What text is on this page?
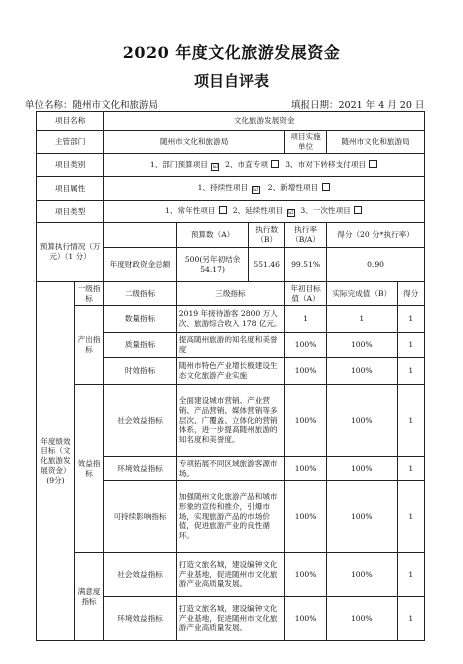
2020 年度文化旅游发展资金
项目自评表
单位名称：随州市文化和旅游局	填报日期：2021 年 4 月 20 日
项目名称		文化旅游发展资金					
主管部门		随州市文化和旅游局			项目实施单位	随州市文化和旅游局	
项目类别		1、部门预算项目 ☑ 2、市直专项 3、市对下转移支付项目					
项目属性		1、持续性项目 ☑ 2、新增性项目					
项目类型		1、常年性项目 2、延续性项目 ☑ 3、一次性项目					
预算执行情况（万元）（1 分）			预算数（A）	执行数（B）	执行率（B/A）	得分（20 分*执行率）	
		年度财政资金总额	500(另年初结余 54.17)	551.46	99.51%	0.90	
年度绩效目标（文化旅游发展资金）(9分)	一级指标	二级指标	三级指标		年初目标值（A）	实际完成值（B）	得分
	产出指标	数量指标	2019 年接待游客 2800 万人次、旅游综合收入 178 亿元。		1	1	1
		质量指标	提高随州旅游的知名度和美誉度		100%	100%	1
		时效指标	随州市特色产业增长极建设生态文化旅游产业实施		100%	100%	1
	效益指标	社会效益指标	全面建设城市营销、产业营销、产品营销、媒体营销等多层次、广覆盖、立体化的营销体系，进一步提高随州旅游的知名度和美誉度。		100%	100%	1
		环境效益指标	专项拓展不同区域旅游客源市场。		100%	100%	1
		可持续影响指标	加强随州文化旅游产品和城市形象的宣传和推介，引爆市场，实现旅游产品的市场价值，促进旅游产业的良性循环。		100%	100%	1
	满意度指标	社会效益指标	打造文旅名城，建设编钟文化产业基地，促进随州市文化旅游产业高质量发展。		100%	100%	1
		环境效益指标	打造文旅名城，建设编钟文化产业基地，促进随州市文化旅游产业高质量发展。		100%	100%	1
